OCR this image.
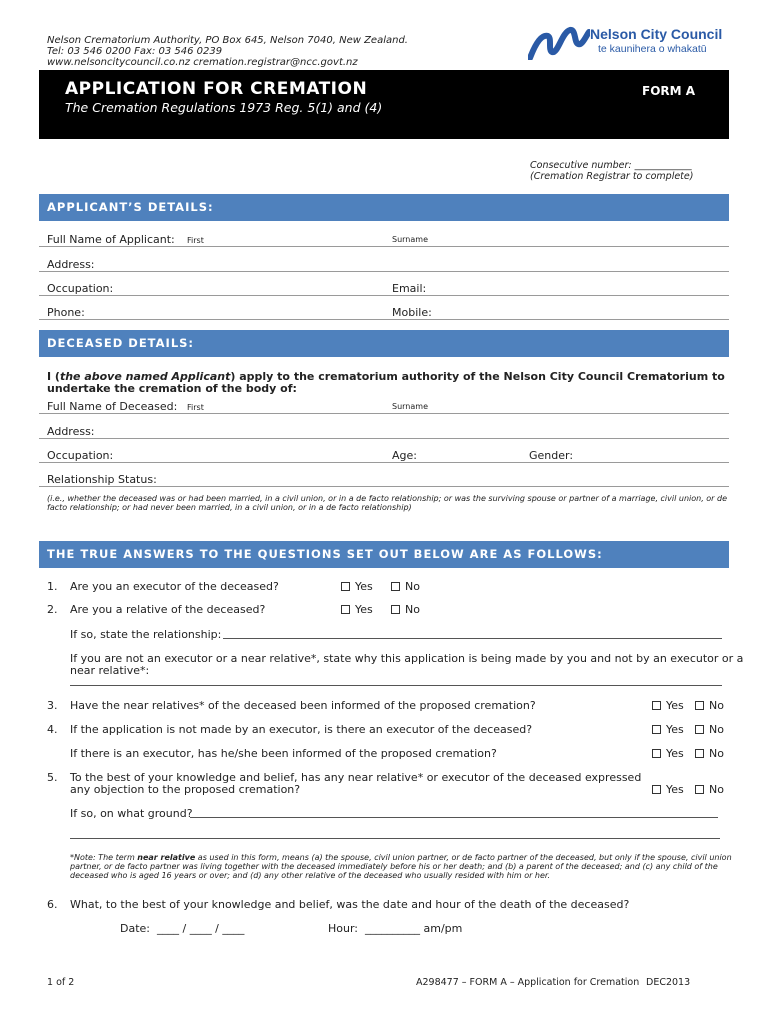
Nelson Crematorium Authority, PO Box 645, Nelson 7040, New Zealand.
Tel: 03 546 0200 Fax: 03 546 0239
www.nelsoncitycouncil.co.nz cremation.registrar@ncc.govt.nz
Nelson City Council
te kaunihera o whakatū
APPLICATION FOR CREMATION
The Cremation Regulations 1973 Reg. 5(1) and (4)
FORM A
Consecutive number: ____________
(Cremation Registrar to complete)
APPLICANT’S DETAILS:
Full Name of Applicant: First	Surname
Address:
Occupation:	Email:
Phone:	Mobile:
DECEASED DETAILS:
I (the above named Applicant) apply to the crematorium authority of the Nelson City Council Crematorium to
undertake the cremation of the body of:
Full Name of Deceased: First	Surname
Address:
Occupation:	Age:	Gender:
Relationship Status:
(i.e., whether the deceased was or had been married, in a civil union, or in a de facto relationship; or was the surviving spouse or partner of a marriage, civil union, or de
facto relationship; or had never been married, in a civil union, or in a de facto relationship)
THE TRUE ANSWERS TO THE QUESTIONS SET OUT BELOW ARE AS FOLLOWS:
1. Are you an executor of the deceased?	Yes	No
2. Are you a relative of the deceased?	Yes	No
If so, state the relationship:
If you are not an executor or a near relative*, state why this application is being made by you and not by an executor or a
near relative*:
3. Have the near relatives* of the deceased been informed of the proposed cremation?	Yes	No
4. If the application is not made by an executor, is there an executor of the deceased?	Yes	No
If there is an executor, has he/she been informed of the proposed cremation?	Yes	No
5. To the best of your knowledge and belief, has any near relative* or executor of the deceased expressed
any objection to the proposed cremation?	Yes	No
If so, on what ground?
*Note: The term near relative as used in this form, means (a) the spouse, civil union partner, or de facto partner of the deceased, but only if the spouse, civil union
partner, or de facto partner was living together with the deceased immediately before his or her death; and (b) a parent of the deceased; and (c) any child of the
deceased who is aged 16 years or over; and (d) any other relative of the deceased who usually resided with him or her.
6. What, to the best of your knowledge and belief, was the date and hour of the death of the deceased?
Date:  ____ / ____ / ____	Hour:  __________ am/pm
1 of 2	A298477 – FORM A – Application for Cremation DEC2013
